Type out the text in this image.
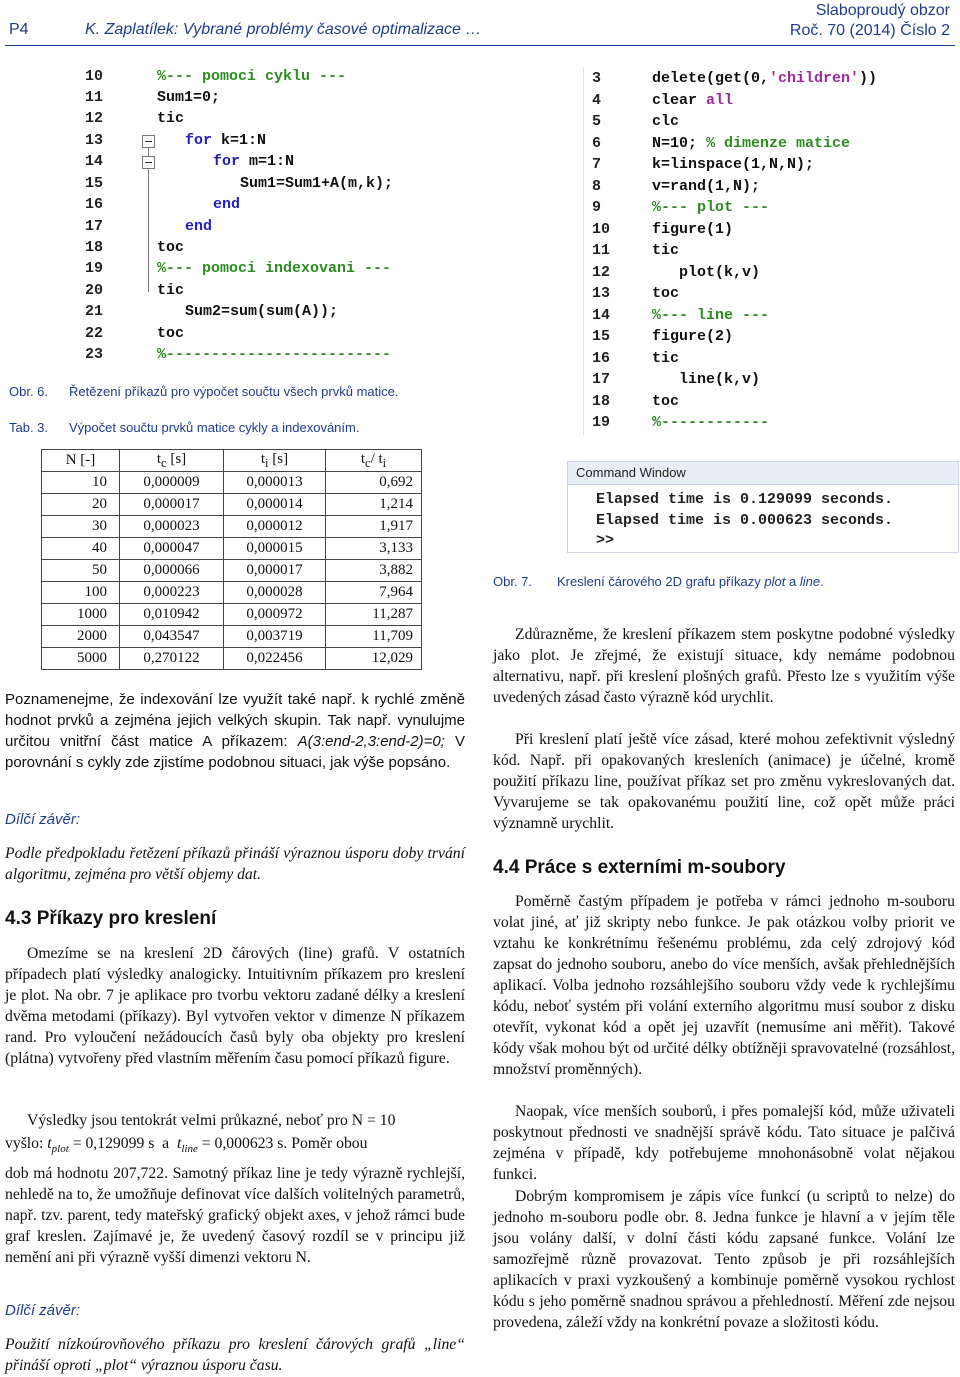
P4	K. Zaplatílek: Vybrané problémy časové optimalizace …
Slaboproudý obzor
Roč. 70 (2014) Číslo 2
10	%--- pomoci cyklu ---
11	Sum1=0;
12	tic
13	for k=1:N
14	for m=1:N
15	Sum1=Sum1+A(m,k);
16	end
17	end
18	toc
19	%--- pomoci indexovani ---
20	tic
21	Sum2=sum(sum(A));
22	toc
23	%-------------------------
Obr. 6. Řetězení příkazů pro výpočet součtu všech prvků matice.
Tab. 3. Výpočet součtu prvků matice cykly a indexováním.
N [-]	$t_c$ [s]	$t_i$ [s]	$t_c/$ $t_i$
10	0,000009	0,000013	0,692
20	0,000017	0,000014	1,214
30	0,000023	0,000012	1,917
40	0,000047	0,000015	3,133
50	0,000066	0,000017	3,882
100	0,000223	0,000028	7,964
1000	0,010942	0,000972	11,287
2000	0,043547	0,003719	11,709
5000	0,270122	0,022456	12,029
3	delete(get(0,'children'))
4	clear all
5	clc
6	N=10; % dimenze matice
7	k=linspace(1,N,N);
8	v=rand(1,N);
9	%--- plot ---
10	figure(1)
11	tic
12	plot(k,v)
13	toc
14	%--- line ---
15	figure(2)
16	tic
17	line(k,v)
18	toc
19	%------------
Command Window
Elapsed time is 0.129099 seconds.
Elapsed time is 0.000623 seconds.
>>
Obr. 7. Kreslení čárového 2D grafu příkazy plot a line.
Poznamenejme, že indexování lze využít také např. k rychlé změně hodnot prvků a zejména jejich velkých skupin. Tak např. vynulujme určitou vnitřní část matice A příkazem: A(3:end-2,3:end-2)=0; V porovnání s cykly zde zjistíme podobnou situaci, jak výše popsáno.
Dílčí závěr:
Podle předpokladu řetězení příkazů přináší výraznou úsporu doby trvání algoritmu, zejména pro větší objemy dat.
4.3 Příkazy pro kreslení
Omezíme se na kreslení 2D čárových (line) grafů. V ostatních případech platí výsledky analogicky. Intuitivním příkazem pro kreslení je plot. Na obr. 7 je aplikace pro tvorbu vektoru zadané délky a kreslení dvěma metodami (příkazy). Byl vytvořen vektor v dimenze N příkazem rand. Pro vyloučení nežádoucích časů byly oba objekty pro kreslení (plátna) vytvořeny před vlastním měřením času pomocí příkazů figure.
Výsledky jsou tentokrát velmi průkazné, neboť pro N = 10
vyšlo: $t_{plot} = 0,129099$ s  a  $t_{line} = 0,000623$ s. Poměr obou
dob má hodnotu 207,722. Samotný příkaz line je tedy výrazně rychlejší, nehledě na to, že umožňuje definovat více dalších volitelných parametrů, např. tzv. parent, tedy mateřský grafický objekt axes, v jehož rámci bude graf kreslen. Zajímavé je, že uvedený časový rozdíl se v principu již nemění ani při výrazně vyšší dimenzi vektoru N.
Dílčí závěr:
Použití nízkoúrovňového příkazu pro kreslení čárových grafů „line“ přináší oproti „plot“ výraznou úsporu času.
Zdůrazněme, že kreslení příkazem stem poskytne podobné výsledky jako plot. Je zřejmé, že existují situace, kdy nemáme podobnou alternativu, např. při kreslení plošných grafů. Přesto lze s využitím výše uvedených zásad často výrazně kód urychlit.
Při kreslení platí ještě více zásad, které mohou zefektivnit výsledný kód. Např. při opakovaných kresleních (animace) je účelné, kromě použití příkazu line, používat příkaz set pro změnu vykreslovaných dat. Vyvarujeme se tak opakovanému použití line, což opět může práci významně urychlit.
4.4 Práce s externími m-soubory
Poměrně častým případem je potřeba v rámci jednoho m-souboru volat jiné, ať již skripty nebo funkce. Je pak otázkou volby priorit ve vztahu ke konkrétnímu řešenému problému, zda celý zdrojový kód zapsat do jednoho souboru, anebo do více menších, avšak přehlednějších aplikací. Volba jednoho rozsáhlejšího souboru vždy vede k rychlejšímu kódu, neboť systém při volání externího algoritmu musí soubor z disku otevřít, vykonat kód a opět jej uzavřít (nemusíme ani měřit). Takové kódy však mohou být od určité délky obtížněji spravovatelné (rozsáhlost, množství proměnných).
Naopak, více menších souborů, i přes pomalejší kód, může uživateli poskytnout přednosti ve snadnější správě kódu. Tato situace je palčivá zejména v případě, kdy potřebujeme mnohonásobně volat nějakou funkci.
Dobrým kompromisem je zápis více funkcí (u scriptů to nelze) do jednoho m-souboru podle obr. 8. Jedna funkce je hlavní a v jejím těle jsou volány další, v dolní části kódu zapsané funkce. Volání lze samozřejmě různě provazovat. Tento způsob je při rozsáhlejších aplikacích v praxi vyzkoušený a kombinuje poměrně vysokou rychlost kódu s jeho poměrně snadnou správou a přehledností. Měření zde nejsou provedena, záleží vždy na konkrétní povaze a složitosti kódu.
